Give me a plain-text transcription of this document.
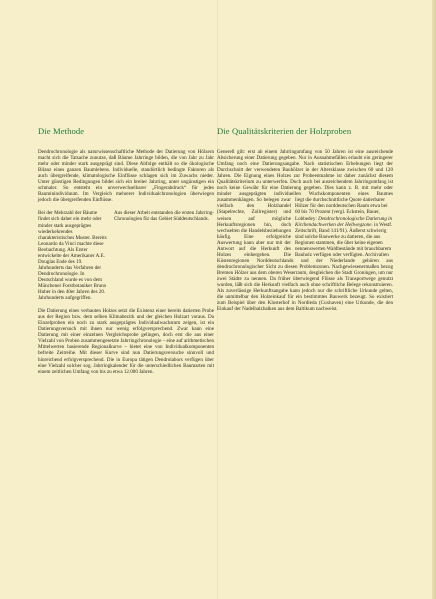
Die Methode	Die Qualitätskriterien der Holzproben

Dendrochronologie als naturwissenschaftliche Methode der Datierung von Hölzern macht sich die Tatsache zunutze, daß Bäume Jahrringe bilden, die von Jahr zu Jahr mehr oder minder stark ausgeprägt sind. Diese Abfolge enthält so die ökologische Bilanz eines ganzen Baumlebens. Individuelle, standörtlich bedingte Faktoren als auch übergreifende, klimatologische Einflüsse schlagen sich im Zuwachs nieder. Unter günstigen Bedingungen bildet sich ein breiter Jahrring, unter ungünstigen ein schmaler. So entsteht ein unverwechselbarer „Fingerabdruck“ für jedes Bauminindividuum. Im Vergleich mehrerer Individualchronologien überwiegen jedoch die übergreifenden Einflüsse.

Bei der Mehrzahl der Bäume findet sich daher ein mehr oder minder stark ausgeprägtes wiederkehrendes charakteristisches Muster. Bereits Leonardo da Vinci machte diese Beobachtung. Als Erster entwickelte der Amerikaner A.E. Douglas Ende des 19. Jahrhunderts das Verfahren der Dendrochronologie. In Deutschland wurde es von dem Münchener Forstbotaniker Bruno Huber in den 40er Jahren des 20. Jahrhunderts aufgegriffen.
Aus dieser Arbeit entstanden die ersten Jahrring-Chronologien für das Gebiet Süddeutschlands.

Die Datierung eines verbauten Holzes setzt die Existenz einer bereits datierten Probe aus der Region bzw. dem selben Klimabezirk und der gleichen Holzart voraus. Da Einzelproben ein noch zu stark ausgeprägtes Individualwachstum zeigen, ist ein Datierungsversuch mit ihnen nur wenig erfolgversprechend. Zwar kann eine Datierung mit einer einzelnen Vergleichsprobe gelingen, doch erst die aus einer Vielzahl von Proben zusammengesetzte Jahrringchronologie – eine auf arithmetischen Mittelwerten basierende Regionalkurve – bietet eine von Individualkomponenten befreite Zeitreihe. Mit dieser Kurve sind nun Datierungsversuche sinnvoll und hinreichend erfolgversprechend. Die in Europa tätigen Dendrolabors verfügen über eine Vielzahl solcher sog. Jahrringkalender für die unterschiedlichen Baumarten mit einem zeitlichen Umfang von bis zu etwa 12.000 Jahren.

Generell gilt: erst ab einem Jahrringumfang von 50 Jahren ist eine ausreichende Absicherung einer Datierung gegeben. Nur in Ausnahmefällen erlaubt ein geringerer Umfang noch eine Datierungsangabe. Nach statistischen Erhebungen liegt der Durchschnitt der verwendeten Bauhölzer in der Altersklasse zwischen 60 und 120 Jahren. Die Eignung eines Holzes zur Probeentnahme ist daher zunächst diesem Qualitätskriterium zu unterwerfen. Doch auch bei ausreichendem Jahrringumfang ist noch keine Gewähr für eine Datierung gegeben. Dies kann z. B. mit mehr oder minder ausgeprägten individuellen Wuchskomponenten eines Baumes zusammenhängen. So	liegt die durchschnittliche Quote datierbarer Hölzer für den norddeutschen Raum etwa bei 60 bis 70 Prozent (vergl. Eckstein, Bauer, Lobbedey: Dendrochronologische Datierung in Kirchendachwerken der Hellwegzone. in Westf. Zeitschrift, Band 141/91). Äußerst schwierig sind solche Bauwerke zu datieren, die aus Regionen stammen, die über keine eigenen nennenswerten Waldbestände mit brauchbarem Bauholz verfügen oder verfügten. Archivalien
belegen zwar vielfach den Holzhandel (Stapelrechte, Zollregister) und weisen auf mögliche Herkunftsregionen hin, doch wechselten die Handelsbeziehungen häufig. Eine erfolgreiche Auswertung kann aber nur mit der Antwort auf die Herkunft des Holzes einhergehen. Die Küstenregionen Norddeutschlands und der Niederlande gehören aus dendrochronologischer Sicht zu diesen Problemzonen. Nachgewiesenermaßen bezog Bremen Hölzer aus dem oberen Weserraum, desgleichen die Stadt Groningen, um nur zwei Städte zu nennen. Da früher überwiegend Flüsse als Transportwege genutzt wurden, läßt sich die Herkunft vielfach auch ohne schriftliche Belege rekonstruieren. Als zuverlässige Herkunftsangabe kann jedoch nur die schriftliche Urkunde gelten, die unmittelbar den Holzeinkauf für ein bestimmtes Bauwerk bezeugt. So existiert zum Beispiel über den Klosterhof in Nordleda (Cuxhaven) eine Urkunde, die den Einkauf der Nadelbalzbalken aus dem Baltikum nachweist.
